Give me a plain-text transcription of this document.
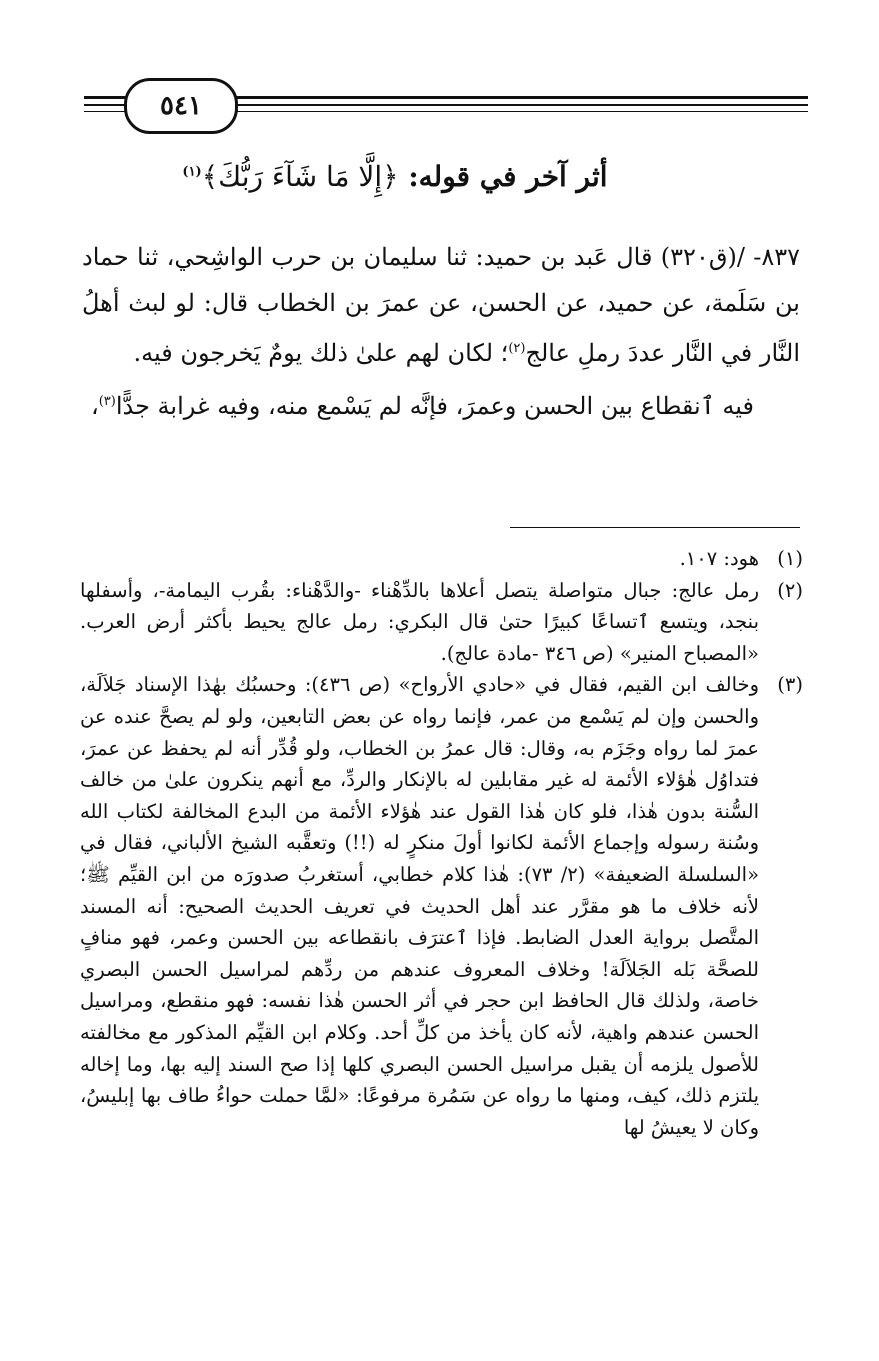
٥٤١
أثر آخر في قوله: ﴿إِلَّا مَا شَآءَ رَبُّكَ﴾$^{(١)}$

٨٣٧- /(ق٣٢٠) قال عَبد بن حميد: ثنا سليمان بن حرب الواشِحي، ثنا حماد بن سَلَمة، عن حميد، عن الحسن، عن عمرَ بن الخطاب قال: لو لبث أهلُ النَّار في النَّار عددَ رملِ عالج$^{(٢)}$؛ لكان لهم علىٰ ذلك يومٌ يَخرجون فيه.

فيه ٱنقطاع بين الحسن وعمرَ، فإنَّه لم يَسْمع منه، وفيه غرابة جدًّا$^{(٣)}$،

(١)
هود: ١٠٧.
(٢)
رمل عالج: جبال متواصلة يتصل أعلاها بالدِّهْناء -والدَّهْناء: بقُرب اليمامة-، وأسفلها بنجد، ويتسع ٱتساعًا كبيرًا حتىٰ قال البكري: رمل عالج يحيط بأكثر أرض العرب. «المصباح المنير» (ص ٣٤٦ -مادة عالج).
(٣)
وخالف ابن القيم، فقال في «حادي الأرواح» (ص ٤٣٦): وحسبُك بهٰذا الإسناد جَلاَلَة، والحسن وإن لم يَسْمع من عمر، فإنما رواه عن بعض التابعين، ولو لم يصحَّ عنده عن عمرَ لما رواه وجَزَم به، وقال: قال عمرُ بن الخطاب، ولو قُدِّر أنه لم يحفظ عن عمرَ، فتداوُل هٰؤلاء الأئمة له غير مقابلين له بالإنكار والردِّ، مع أنهم ينكرون علىٰ من خالف السُّنة بدون هٰذا، فلو كان هٰذا القول عند هٰؤلاء الأئمة من البدع المخالفة لكتاب الله وسُنة رسوله وإجماع الأئمة لكانوا أولَ منكرٍ له (!!) وتعقَّبه الشيخ الألباني، فقال في «السلسلة الضعيفة» (٢/ ٧٣): هٰذا كلام خطابي، أستغربُ صدورَه من ابن القيِّم ﷺ؛ لأنه خلاف ما هو مقرَّر عند أهل الحديث في تعريف الحديث الصحيح: أنه المسند المتَّصل برواية العدل الضابط. فإذا ٱعترَف بانقطاعه بين الحسن وعمر، فهو منافٍ للصحَّة بَله الجَلاَلَة! وخلاف المعروف عندهم من ردِّهم لمراسيل الحسن البصري خاصة، ولذلك قال الحافظ ابن حجر في أثر الحسن هٰذا نفسه: فهو منقطع، ومراسيل الحسن عندهم واهية، لأنه كان يأخذ من كلِّ أحد. وكلام ابن القيِّم المذكور مع مخالفته للأصول يلزمه أن يقبل مراسيل الحسن البصري كلها إذا صح السند إليه بها، وما إخاله يلتزم ذلك، كيف، ومنها ما رواه عن سَمُرة مرفوعًا: «لمَّا حملت حواءُ طاف بها إبليسُ، وكان لا يعيشُ لها
